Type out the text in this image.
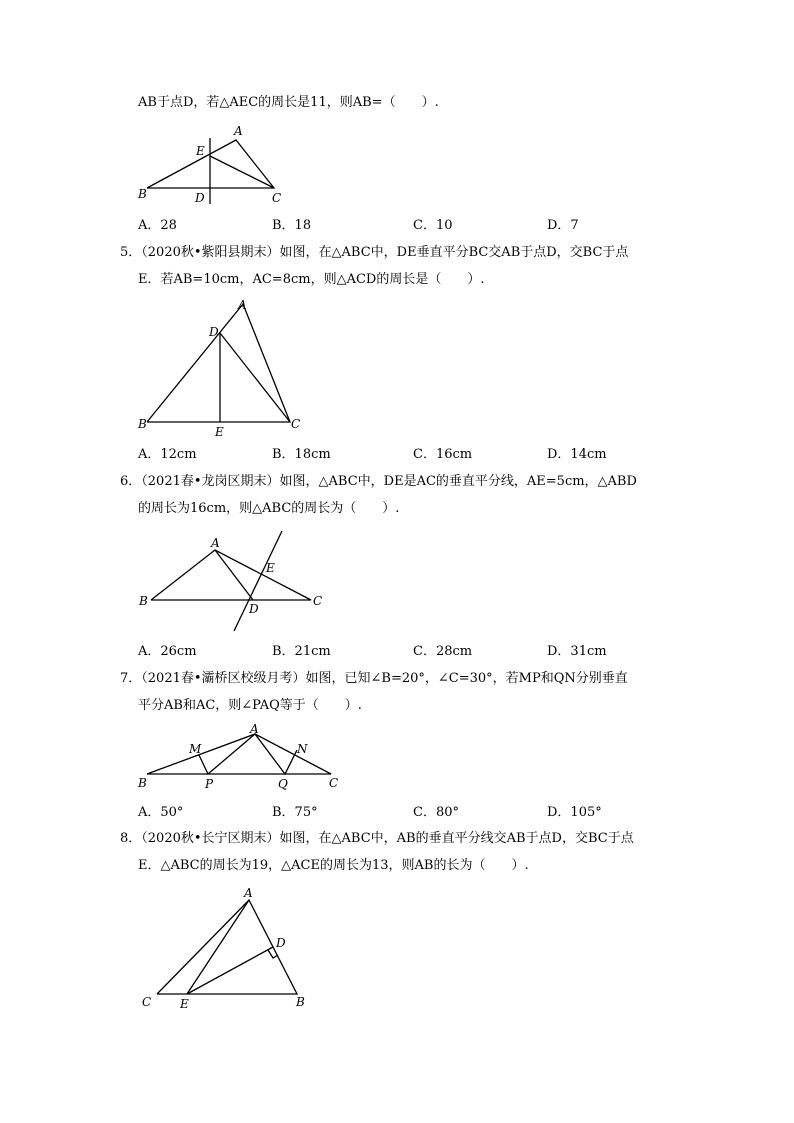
AB于点D，若△AEC的周长是11，则AB=（　　）.
A
E
B	D	C
A．28	B．18	C．10	D．7
5．（2020秋•紫阳县期末）如图，在△ABC中，DE垂直平分BC交AB于点D，交BC于点
E．若AB=10cm，AC=8cm，则△ACD的周长是（　　）.
A
D
B
E
C
A．12cm	B．18cm	C．16cm	D．14cm
6．（2021春•龙岗区期末）如图，△ABC中，DE是AC的垂直平分线，AE=5cm，△ABD
的周长为16cm，则△ABC的周长为（　　）.
A
E
B
D
C
A．26cm	B．21cm	C．28cm	D．31cm
7．（2021春•灞桥区校级月考）如图，已知∠B=20°，∠C=30°，若MP和QN分别垂直
平分AB和AC，则∠PAQ等于（　　）.
A
M	N
B	P	Q	C
A．50°	B．75°	C．80°	D．105°
8．（2020秋•长宁区期末）如图，在△ABC中，AB的垂直平分线交AB于点D，交BC于点
E．△ABC的周长为19，△ACE的周长为13，则AB的长为（　　）.
A
D
C E	B
